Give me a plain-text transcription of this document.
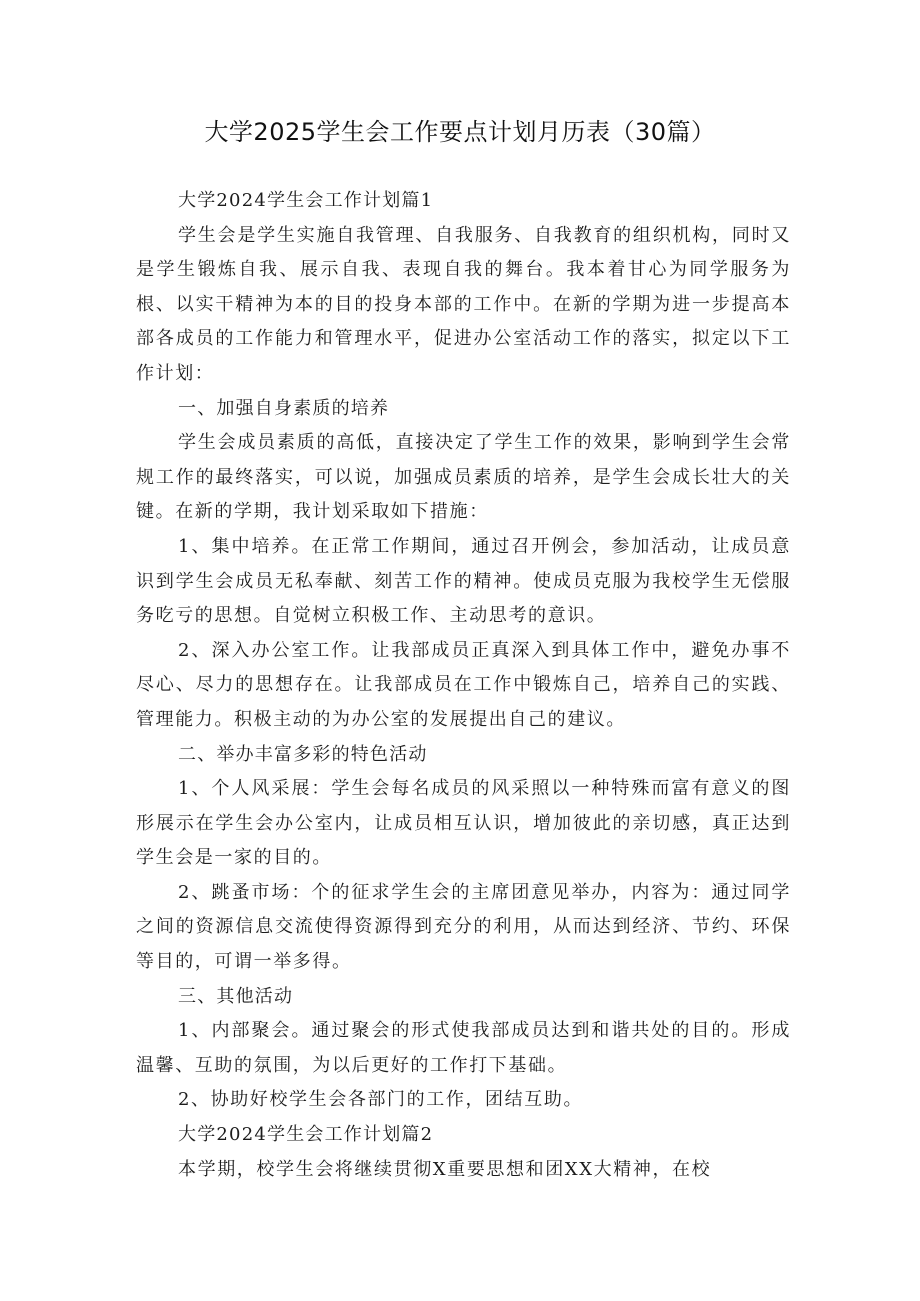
大学2025学生会工作要点计划月历表（30篇）

大学2024学生会工作计划篇1

学生会是学生实施自我管理、自我服务、自我教育的组织机构，同时又是学生锻炼自我、展示自我、表现自我的舞台。我本着甘心为同学服务为根、以实干精神为本的目的投身本部的工作中。在新的学期为进一步提高本部各成员的工作能力和管理水平，促进办公室活动工作的落实，拟定以下工作计划：

一、加强自身素质的培养

学生会成员素质的高低，直接决定了学生工作的效果，影响到学生会常规工作的最终落实，可以说，加强成员素质的培养，是学生会成长壮大的关键。在新的学期，我计划采取如下措施：

1、集中培养。在正常工作期间，通过召开例会，参加活动，让成员意识到学生会成员无私奉献、刻苦工作的精神。使成员克服为我校学生无偿服务吃亏的思想。自觉树立积极工作、主动思考的意识。

2、深入办公室工作。让我部成员正真深入到具体工作中，避免办事不尽心、尽力的思想存在。让我部成员在工作中锻炼自己，培养自己的实践、管理能力。积极主动的为办公室的发展提出自己的建议。

二、举办丰富多彩的特色活动

1、个人风采展：学生会每名成员的风采照以一种特殊而富有意义的图形展示在学生会办公室内，让成员相互认识，增加彼此的亲切感，真正达到学生会是一家的目的。

2、跳蚤市场：个的征求学生会的主席团意见举办，内容为：通过同学之间的资源信息交流使得资源得到充分的利用，从而达到经济、节约、环保等目的，可谓一举多得。

三、其他活动

1、内部聚会。通过聚会的形式使我部成员达到和谐共处的目的。形成温馨、互助的氛围，为以后更好的工作打下基础。

2、协助好校学生会各部门的工作，团结互助。

大学2024学生会工作计划篇2

本学期，校学生会将继续贯彻X重要思想和团XX大精神，在校
